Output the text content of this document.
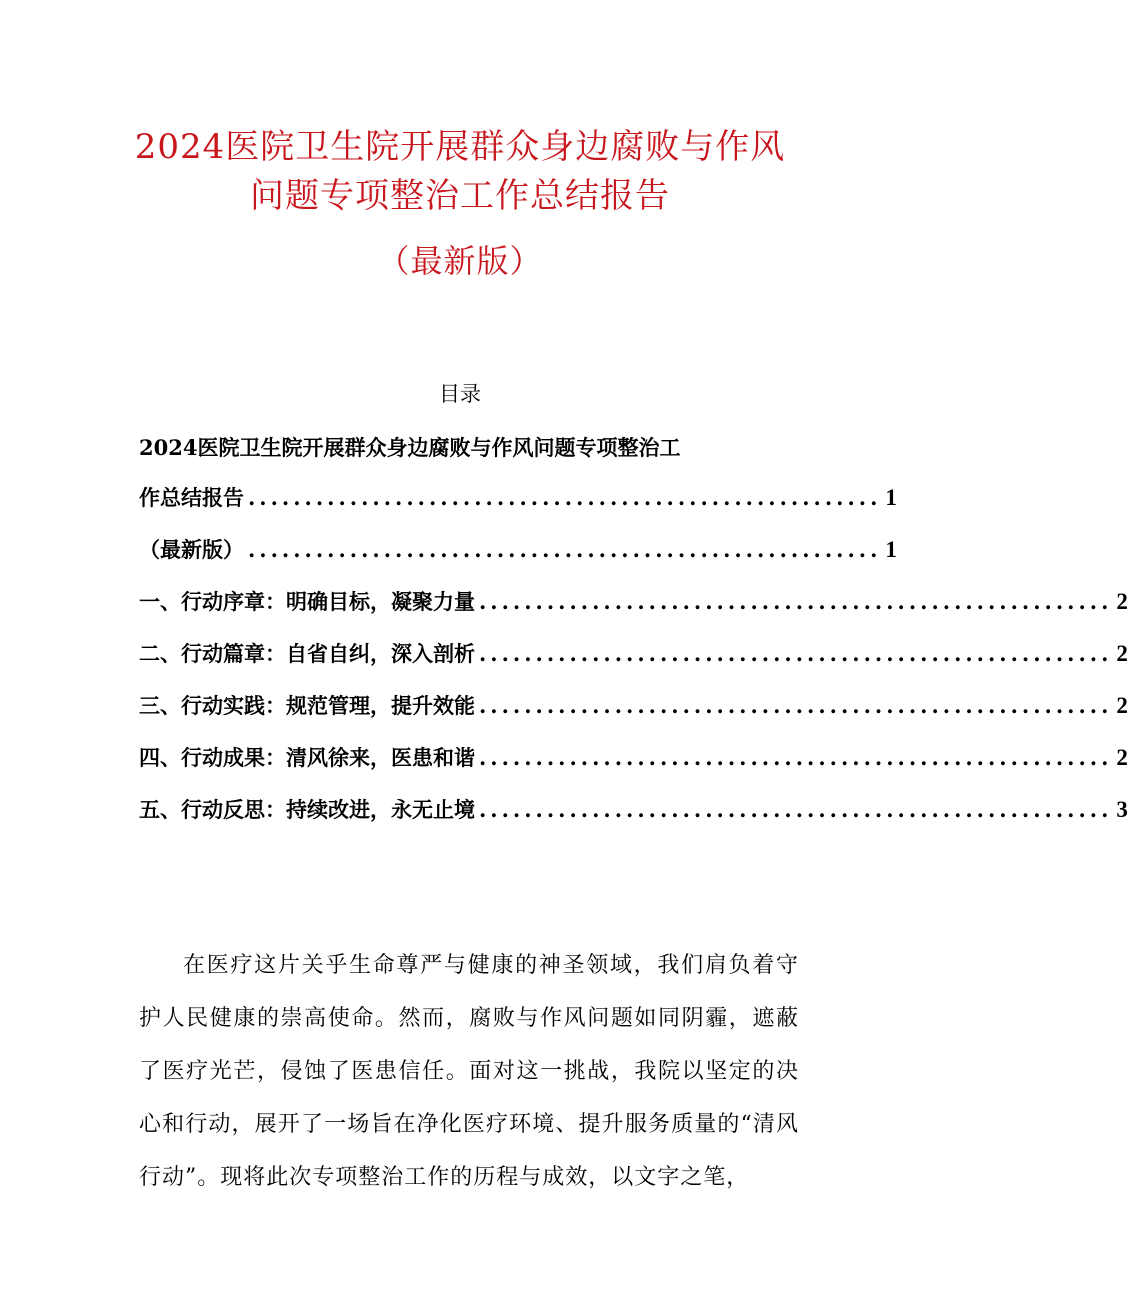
2024医院卫生院开展群众身边腐败与作风
问题专项整治工作总结报告
（最新版）
目录
2024医院卫生院开展群众身边腐败与作风问题专项整治工
作总结报告 ........................................................ 1
（最新版） ........................................................ 1
一、行动序章：明确目标，凝聚力量 ........................................................ 2
二、行动篇章：自省自纠，深入剖析 ........................................................ 2
三、行动实践：规范管理，提升效能 ........................................................ 2
四、行动成果：清风徐来，医患和谐 ........................................................ 2
五、行动反思：持续改进，永无止境 ........................................................ 3

在医疗这片关乎生命尊严与健康的神圣领域，我们肩负着守护人民健康的崇高使命。然而，腐败与作风问题如同阴霾，遮蔽了医疗光芒，侵蚀了医患信任。面对这一挑战，我院以坚定的决心和行动，展开了一场旨在净化医疗环境、提升服务质量的“清风行动”。现将此次专项整治工作的历程与成效，以文字之笔，
